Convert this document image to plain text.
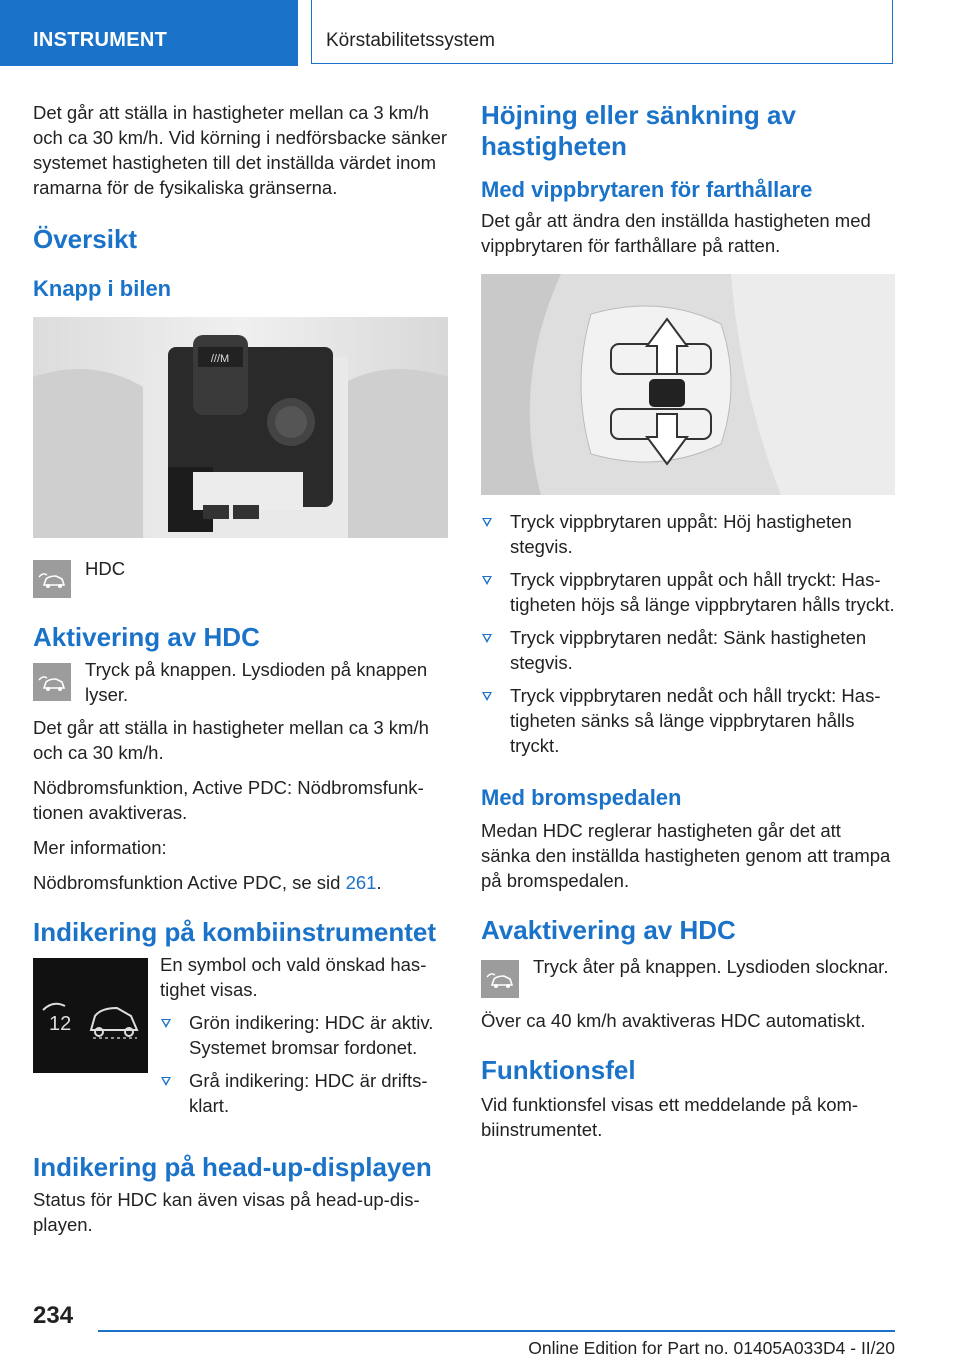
INSTRUMENT	Körstabilitetssystem

Det går att ställa in hastigheter mellan ca 3 km/h och ca 30 km/h. Vid körning i nedförsbacke sänker systemet hastigheten till det inställda värdet inom ramarna för de fysikaliska gränserna.

Översikt
Knapp i bilen
///M
HDC
Aktivering av HDC

Tryck på knappen. Lysdioden på knappen lyser.

Det går att ställa in hastigheter mellan ca 3 km/h och ca 30 km/h.

Nödbromsfunktion, Active PDC: Nödbromsfunktionen avaktiveras.

Mer information:

Nödbromsfunktion Active PDC, se sid 261.

Indikering på kombiinstrumentet
12

En symbol och vald önskad hastighet visas.

Grön indikering: HDC är aktiv. Systemet bromsar fordonet.
Grå indikering: HDC är driftsklart.
Indikering på head-up-displayen

Status för HDC kan även visas på head-up-displayen.

Höjning eller sänkning av hastigheten
Med vippbrytaren för farthållare

Det går att ändra den inställda hastigheten med vippbrytaren för farthållare på ratten.

Tryck vippbrytaren uppåt: Höj hastigheten stegvis.
Tryck vippbrytaren uppåt och håll tryckt: Hastigheten höjs så länge vippbrytaren hålls tryckt.
Tryck vippbrytaren nedåt: Sänk hastigheten stegvis.
Tryck vippbrytaren nedåt och håll tryckt: Hastigheten sänks så länge vippbrytaren hålls tryckt.
Med bromspedalen

Medan HDC reglerar hastigheten går det att sänka den inställda hastigheten genom att trampa på bromspedalen.

Avaktivering av HDC

Tryck åter på knappen. Lysdioden slocknar.

Över ca 40 km/h avaktiveras HDC automatiskt.

Funktionsfel

Vid funktionsfel visas ett meddelande på kombiinstrumentet.

234
Online Edition for Part no. 01405A033D4 - II/20
